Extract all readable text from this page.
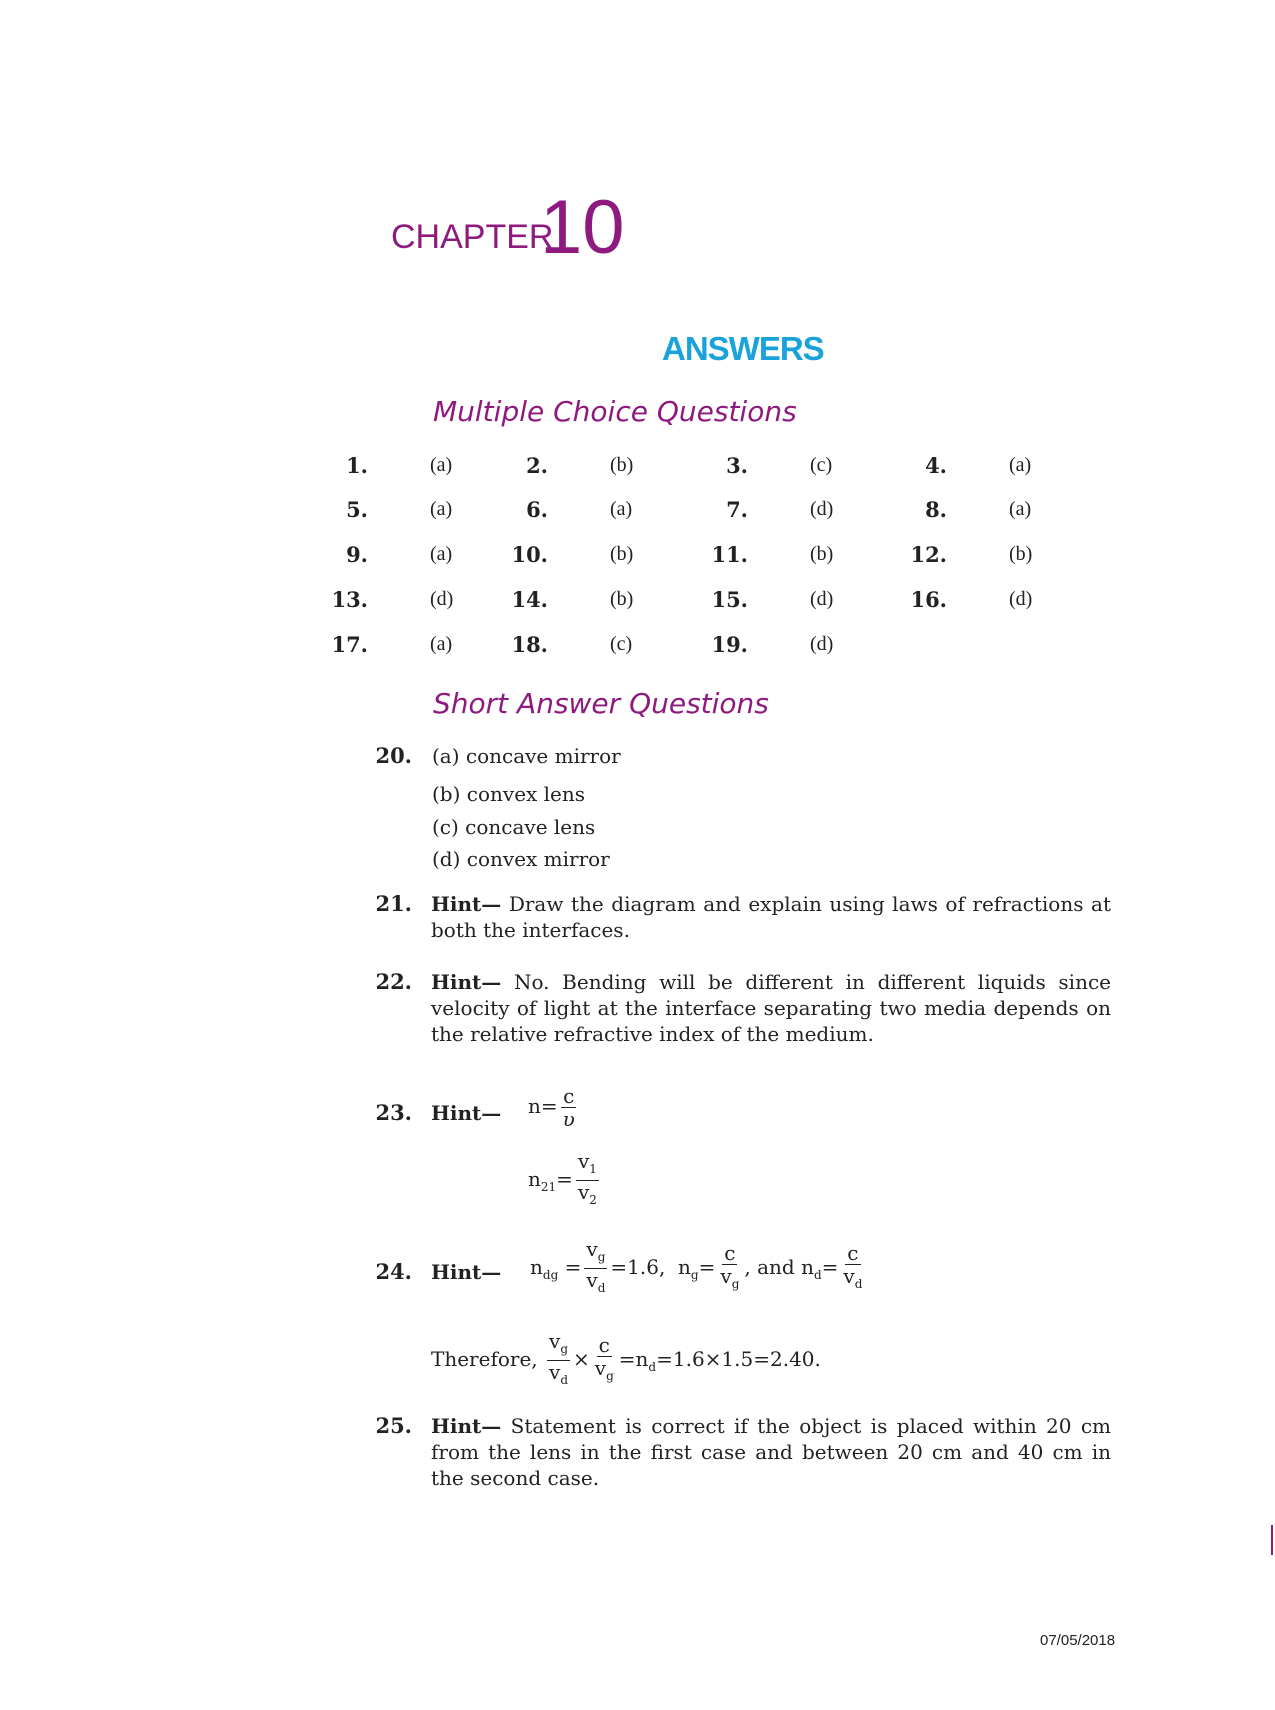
CHAPTER
10
ANSWERS
Multiple Choice Questions
1.	(a)	2.	(b)	3.	(c)	4.	(a)
5.	(a)	6.	(a)	7.	(d)	8.	(a)
9.	(a)	10.	(b)	11.	(b)	12.	(b)
13.	(d)	14.	(b)	15.	(d)	16.	(d)
17.	(a)	18.	(c)	19.	(d)
Short Answer Questions
20. (a) concave mirror
(b) convex lens
(c) concave lens
(d) convex mirror
21. Hint— Draw the diagram and explain using laws of refractions at both the interfaces.
22. Hint— No. Bending will be different in different liquids since velocity of light at the interface separating two media depends on the relative refractive index of the medium.
23. Hint— $n= \frac{c}{\upsilon}$
$n_{21}= \frac{v_1}{v_2}$
24. Hint— $n_{dg} = \frac{v_g}{v_d} =1.6$, $n_g= \frac{c}{v_g}$ , and $n_d= \frac{c}{v_d}$
Therefore, $\frac{v_g}{v_d} \times \frac{c}{v_g} =n_d=1.6\times 1.5=2.40$.
25. Hint— Statement is correct if the object is placed within 20 cm from the lens in the first case and between 20 cm and 40 cm in the second case.
07/05/2018
